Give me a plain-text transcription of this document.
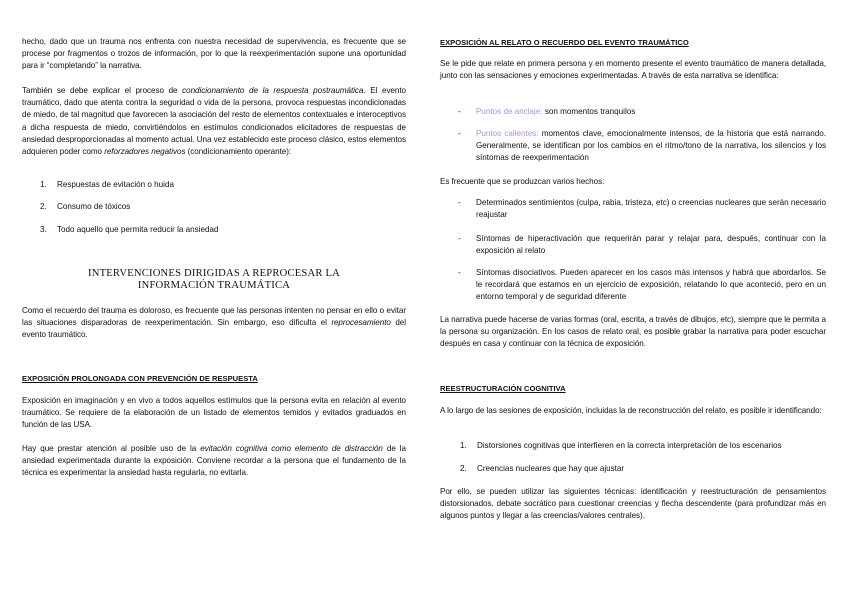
hecho, dado que un trauma nos enfrenta con nuestra necesidad de supervivencia, es frecuente que se procese por fragmentos o trozos de información, por lo que la reexperimentación supone una oportunidad para ir “completando” la narrativa.

También se debe explicar el proceso de condicionamiento de la respuesta postraumática. El evento traumático, dado que atenta contra la seguridad o vida de la persona, provoca respuestas incondicionadas de miedo, de tal magnitud que favorecen la asociación del resto de elementos contextuales e interoceptivos a dicha respuesta de miedo, convirtiéndolos en estímulos condicionados elicitadores de respuestas de ansiedad desproporcionadas al momento actual. Una vez establecido este proceso clásico, estos elementos adquieren poder como reforzadores negativos (condicionamiento operante):

1. Respuestas de evitación o huida
2. Consumo de tóxicos
3. Todo aquello que permita reducir la ansiedad
INTERVENCIONES DIRIGIDAS A REPROCESAR LA
INFORMACIÓN TRAUMÁTICA

Como el recuerdo del trauma es doloroso, es frecuente que las personas intenten no pensar en ello o evitar las situaciones disparadoras de reexperimentación. Sin embargo, eso dificulta el reprocesamiento del evento traumático.

EXPOSICIÓN PROLONGADA CON PREVENCIÓN DE RESPUESTA

Exposición en imaginación y en vivo a todos aquellos estímulos que la persona evita en relación al evento traumático. Se requiere de la elaboración de un listado de elementos temidos y evitados graduados en función de las USA.

Hay que prestar atención al posible uso de la evitación cognitiva como elemento de distracción de la ansiedad experimentada durante la exposición. Conviene recordar a la persona que el fundamento de la técnica es experimentar la ansiedad hasta regularla, no evitarla.

EXPOSICIÓN AL RELATO O RECUERDO DEL EVENTO TRAUMÁTICO

Se le pide que relate en primera persona y en momento presente el evento traumático de manera detallada, junto con las sensaciones y emociones experimentadas. A través de esta narrativa se identifica:

- Puntos de anclaje: son momentos tranquilos
- Puntos calientes: momentos clave, emocionalmente intensos, de la historia que está narrando. Generalmente, se identifican por los cambios en el ritmo/tono de la narrativa, los silencios y los síntomas de reexperimentación

Es frecuente que se produzcan varios hechos:

- Determinados sentimientos (culpa, rabia, tristeza, etc) o creencias nucleares que serán necesario reajustar
- Síntomas de hiperactivación que requerirán parar y relajar para, después, continuar con la exposición al relato
- Síntomas disociativos. Pueden aparecer en los casos más intensos y habrá que abordarlos. Se le recordará que estamos en un ejercicio de exposición, relatando lo que aconteció, pero en un entorno temporal y de seguridad diferente

La narrativa puede hacerse de varias formas (oral, escrita, a través de dibujos, etc), siempre que le permita a la persona su organización. En los casos de relato oral, es posible grabar la narrativa para poder escuchar después en casa y continuar con la técnica de exposición.

REESTRUCTURACIÓN COGNITIVA

A lo largo de las sesiones de exposición, incluidas la de reconstrucción del relato, es posible ir identificando:

1. Distorsiones cognitivas que interfieren en la correcta interpretación de los escenarios
2. Creencias nucleares que hay que ajustar

Por ello, se pueden utilizar las siguientes técnicas: identificación y reestructuración de pensamientos distorsionados, debate socrático para cuestionar creencias y flecha descendente (para profundizar más en algunos puntos y llegar a las creencias/valores centrales).
